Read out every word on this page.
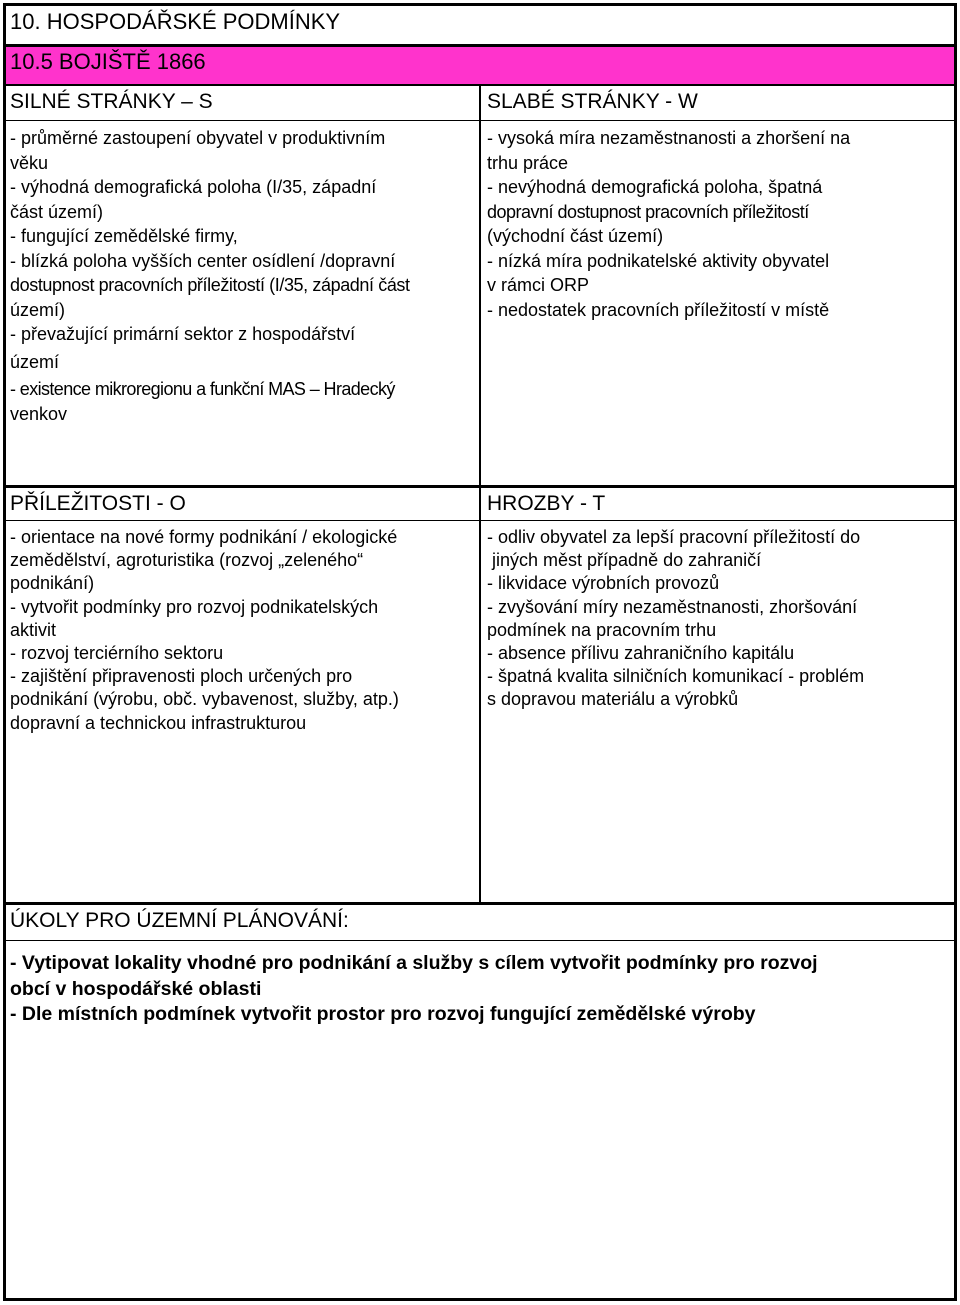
10. HOSPODÁŘSKÉ PODMÍNKY
10.5 BOJIŠTĚ 1866
SILNÉ STRÁNKY – S
- průměrné zastoupení obyvatel v produktivním
věku
- výhodná demografická poloha (I/35, západní
část území)
- fungující zemědělské firmy,
- blízká poloha vyšších center osídlení /dopravní
dostupnost pracovních příležitostí (I/35, západní část
území)
- převažující primární sektor z hospodářství
území
- existence mikroregionu a funkční MAS – Hradecký
venkov
SLABÉ STRÁNKY - W
- vysoká míra nezaměstnanosti a zhoršení na
trhu práce
- nevýhodná demografická poloha, špatná
dopravní dostupnost pracovních příležitostí
(východní část území)
- nízká míra podnikatelské aktivity obyvatel
v rámci ORP
- nedostatek pracovních příležitostí v místě
PŘÍLEŽITOSTI - O
- orientace na nové formy podnikání / ekologické
zemědělství, agroturistika (rozvoj „zeleného“
podnikání)
- vytvořit podmínky pro rozvoj podnikatelských
aktivit
- rozvoj terciérního sektoru
- zajištění připravenosti ploch určených pro
podnikání (výrobu, obč. vybavenost, služby, atp.)
dopravní a technickou infrastrukturou
HROZBY - T
- odliv obyvatel za lepší pracovní příležitostí do
jiných měst případně do zahraničí
- likvidace výrobních provozů
- zvyšování míry nezaměstnanosti, zhoršování
podmínek na pracovním trhu
- absence přílivu zahraničního kapitálu
- špatná kvalita silničních komunikací - problém
s dopravou materiálu a výrobků
ÚKOLY PRO ÚZEMNÍ PLÁNOVÁNÍ:
- Vytipovat lokality vhodné pro podnikání a služby s cílem vytvořit podmínky pro rozvoj
obcí v hospodářské oblasti
- Dle místních podmínek vytvořit prostor pro rozvoj fungující zemědělské výroby
